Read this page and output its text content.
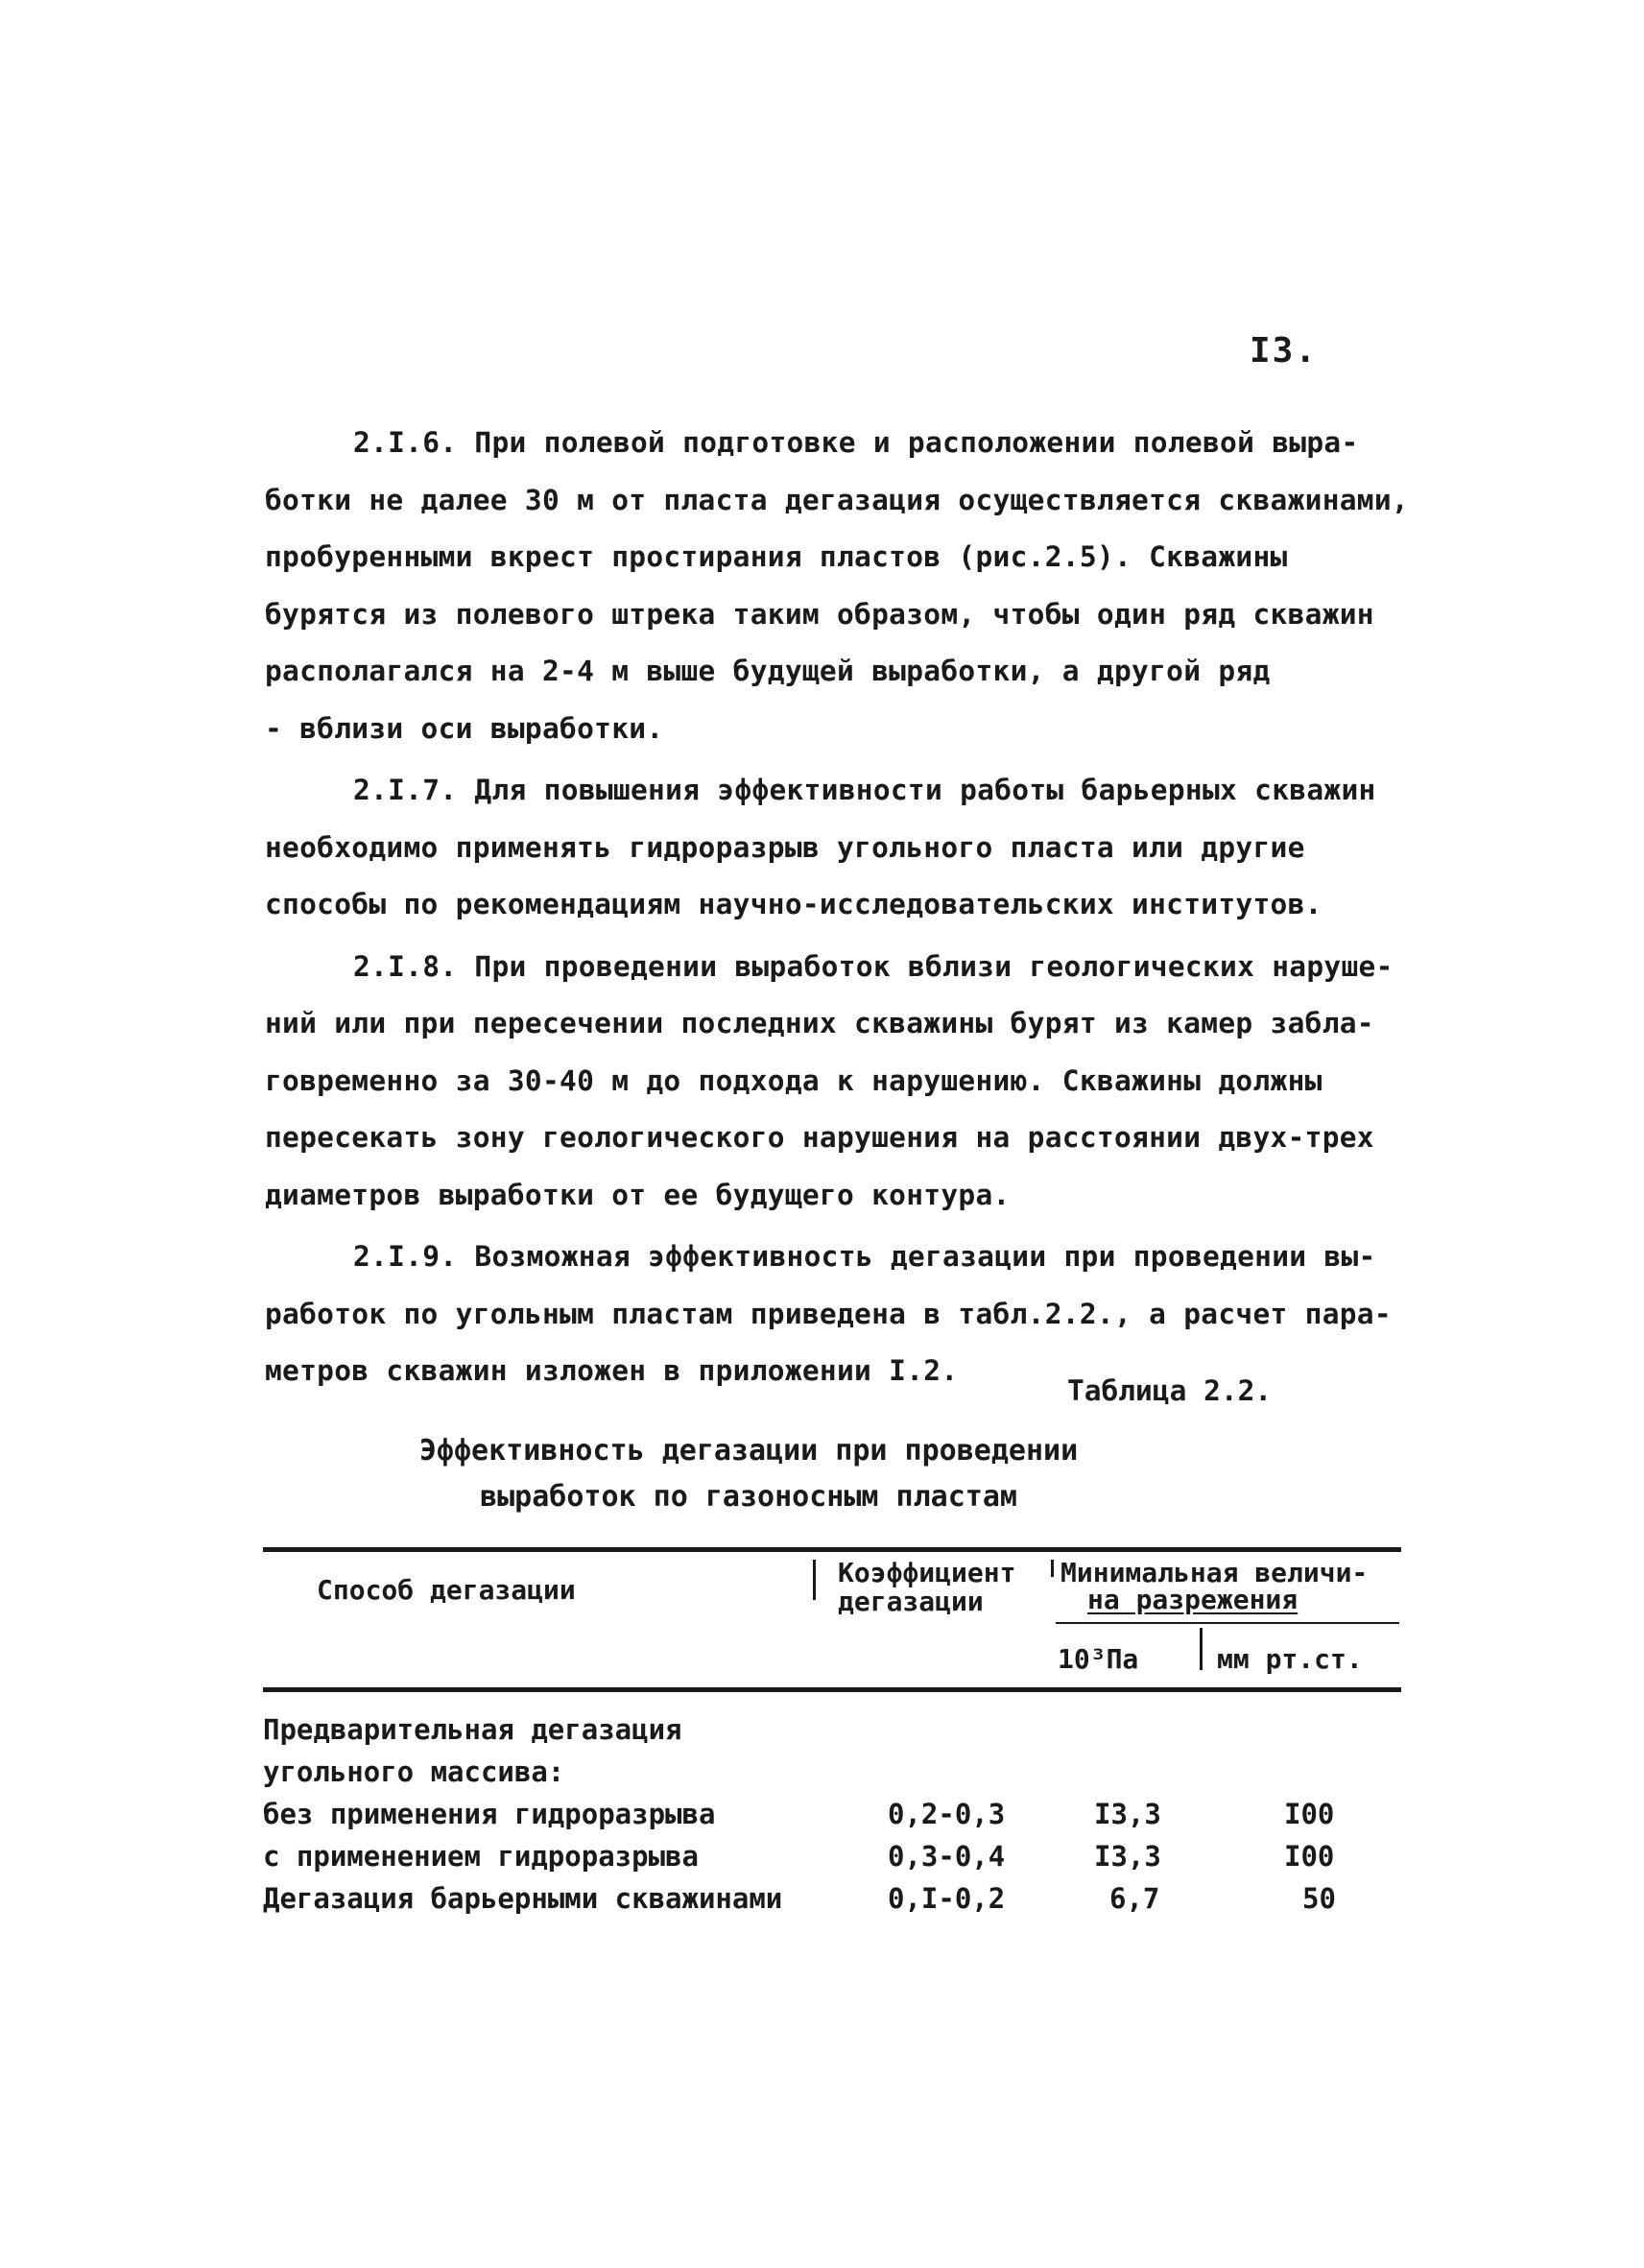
I3.
2.I.6. При полевой подготовке и расположении полевой выра-
ботки не далее 30 м от пласта дегазация осуществляется скважинами,
пробуренными вкрест простирания пластов (рис.2.5). Скважины
бурятся из полевого штрека таким образом, чтобы один ряд скважин
располагался на 2-4 м выше будущей выработки, а другой ряд
- вблизи оси выработки.
2.I.7. Для повышения эффективности работы барьерных скважин
необходимо применять гидроразрыв угольного пласта или другие
способы по рекомендациям научно-исследовательских институтов.
2.I.8. При проведении выработок вблизи геологических наруше-
ний или при пересечении последних скважины бурят из камер забла-
говременно за 30-40 м до подхода к нарушению. Скважины должны
пересекать зону геологического нарушения на расстоянии двух-трех
диаметров выработки от ее будущего контура.
2.I.9. Возможная эффективность дегазации при проведении вы-
работок по угольным пластам приведена в табл.2.2., а расчет пара-
метров скважин изложен в приложении I.2.
Таблица 2.2.
Эффективность дегазации при проведении
выработок по газоносным пластам
Способ дегазации
Коэффициент
дегазации
Минимальная величи-
на разрежения
10³Па	мм рт.ст.
Предварительная дегазация
угольного массива:
без применения гидроразрыва	0,2-0,3	I3,3	I00
с применением гидроразрыва	0,3-0,4	I3,3	I00
Дегазация барьерными скважинами	0,I-0,2	6,7	50
